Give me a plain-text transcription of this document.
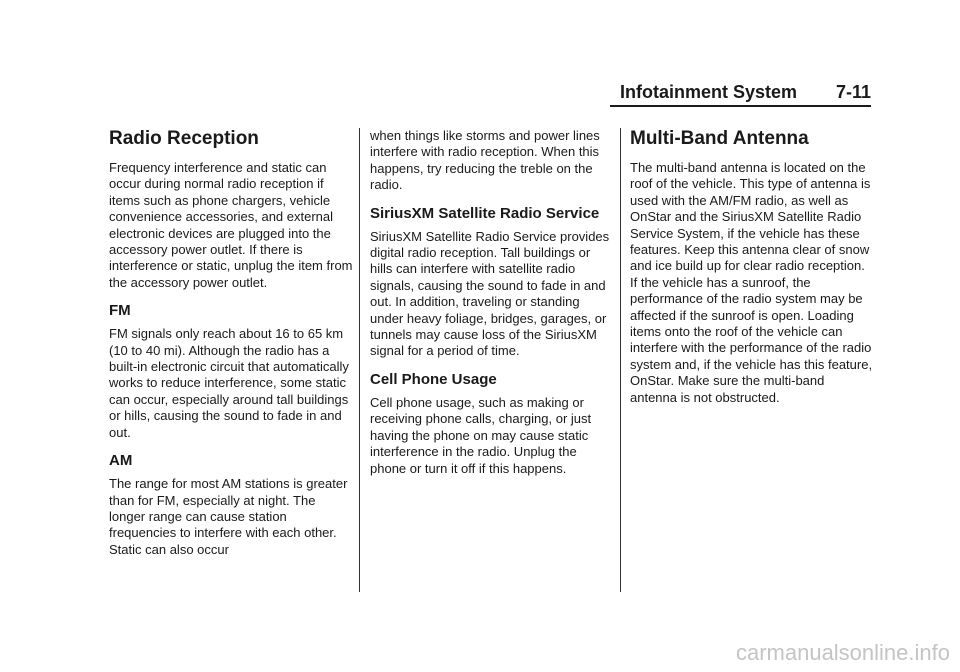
Infotainment System 7-11
Radio Reception

Frequency interference and static can occur during normal radio reception if items such as phone chargers, vehicle convenience accessories, and external electronic devices are plugged into the accessory power outlet. If there is interference or static, unplug the item from the accessory power outlet.

FM

FM signals only reach about 16 to 65 km (10 to 40 mi). Although the radio has a built-in electronic circuit that automatically works to reduce interference, some static can occur, especially around tall buildings or hills, causing the sound to fade in and out.

AM

The range for most AM stations is greater than for FM, especially at night. The longer range can cause station frequencies to interfere with each other. Static can also occur

when things like storms and power lines interfere with radio reception. When this happens, try reducing the treble on the radio.

SiriusXM Satellite Radio Service

SiriusXM Satellite Radio Service provides digital radio reception. Tall buildings or hills can interfere with satellite radio signals, causing the sound to fade in and out. In addition, traveling or standing under heavy foliage, bridges, garages, or tunnels may cause loss of the SiriusXM signal for a period of time.

Cell Phone Usage

Cell phone usage, such as making or receiving phone calls, charging, or just having the phone on may cause static interference in the radio. Unplug the phone or turn it off if this happens.

Multi-Band Antenna

The multi-band antenna is located on the roof of the vehicle. This type of antenna is used with the AM/FM radio, as well as OnStar and the SiriusXM Satellite Radio Service System, if the vehicle has these features. Keep this antenna clear of snow and ice build up for clear radio reception. If the vehicle has a sunroof, the performance of the radio system may be affected if the sunroof is open. Loading items onto the roof of the vehicle can interfere with the performance of the radio system and, if the vehicle has this feature, OnStar. Make sure the multi-band antenna is not obstructed.

carmanualsonline.info
